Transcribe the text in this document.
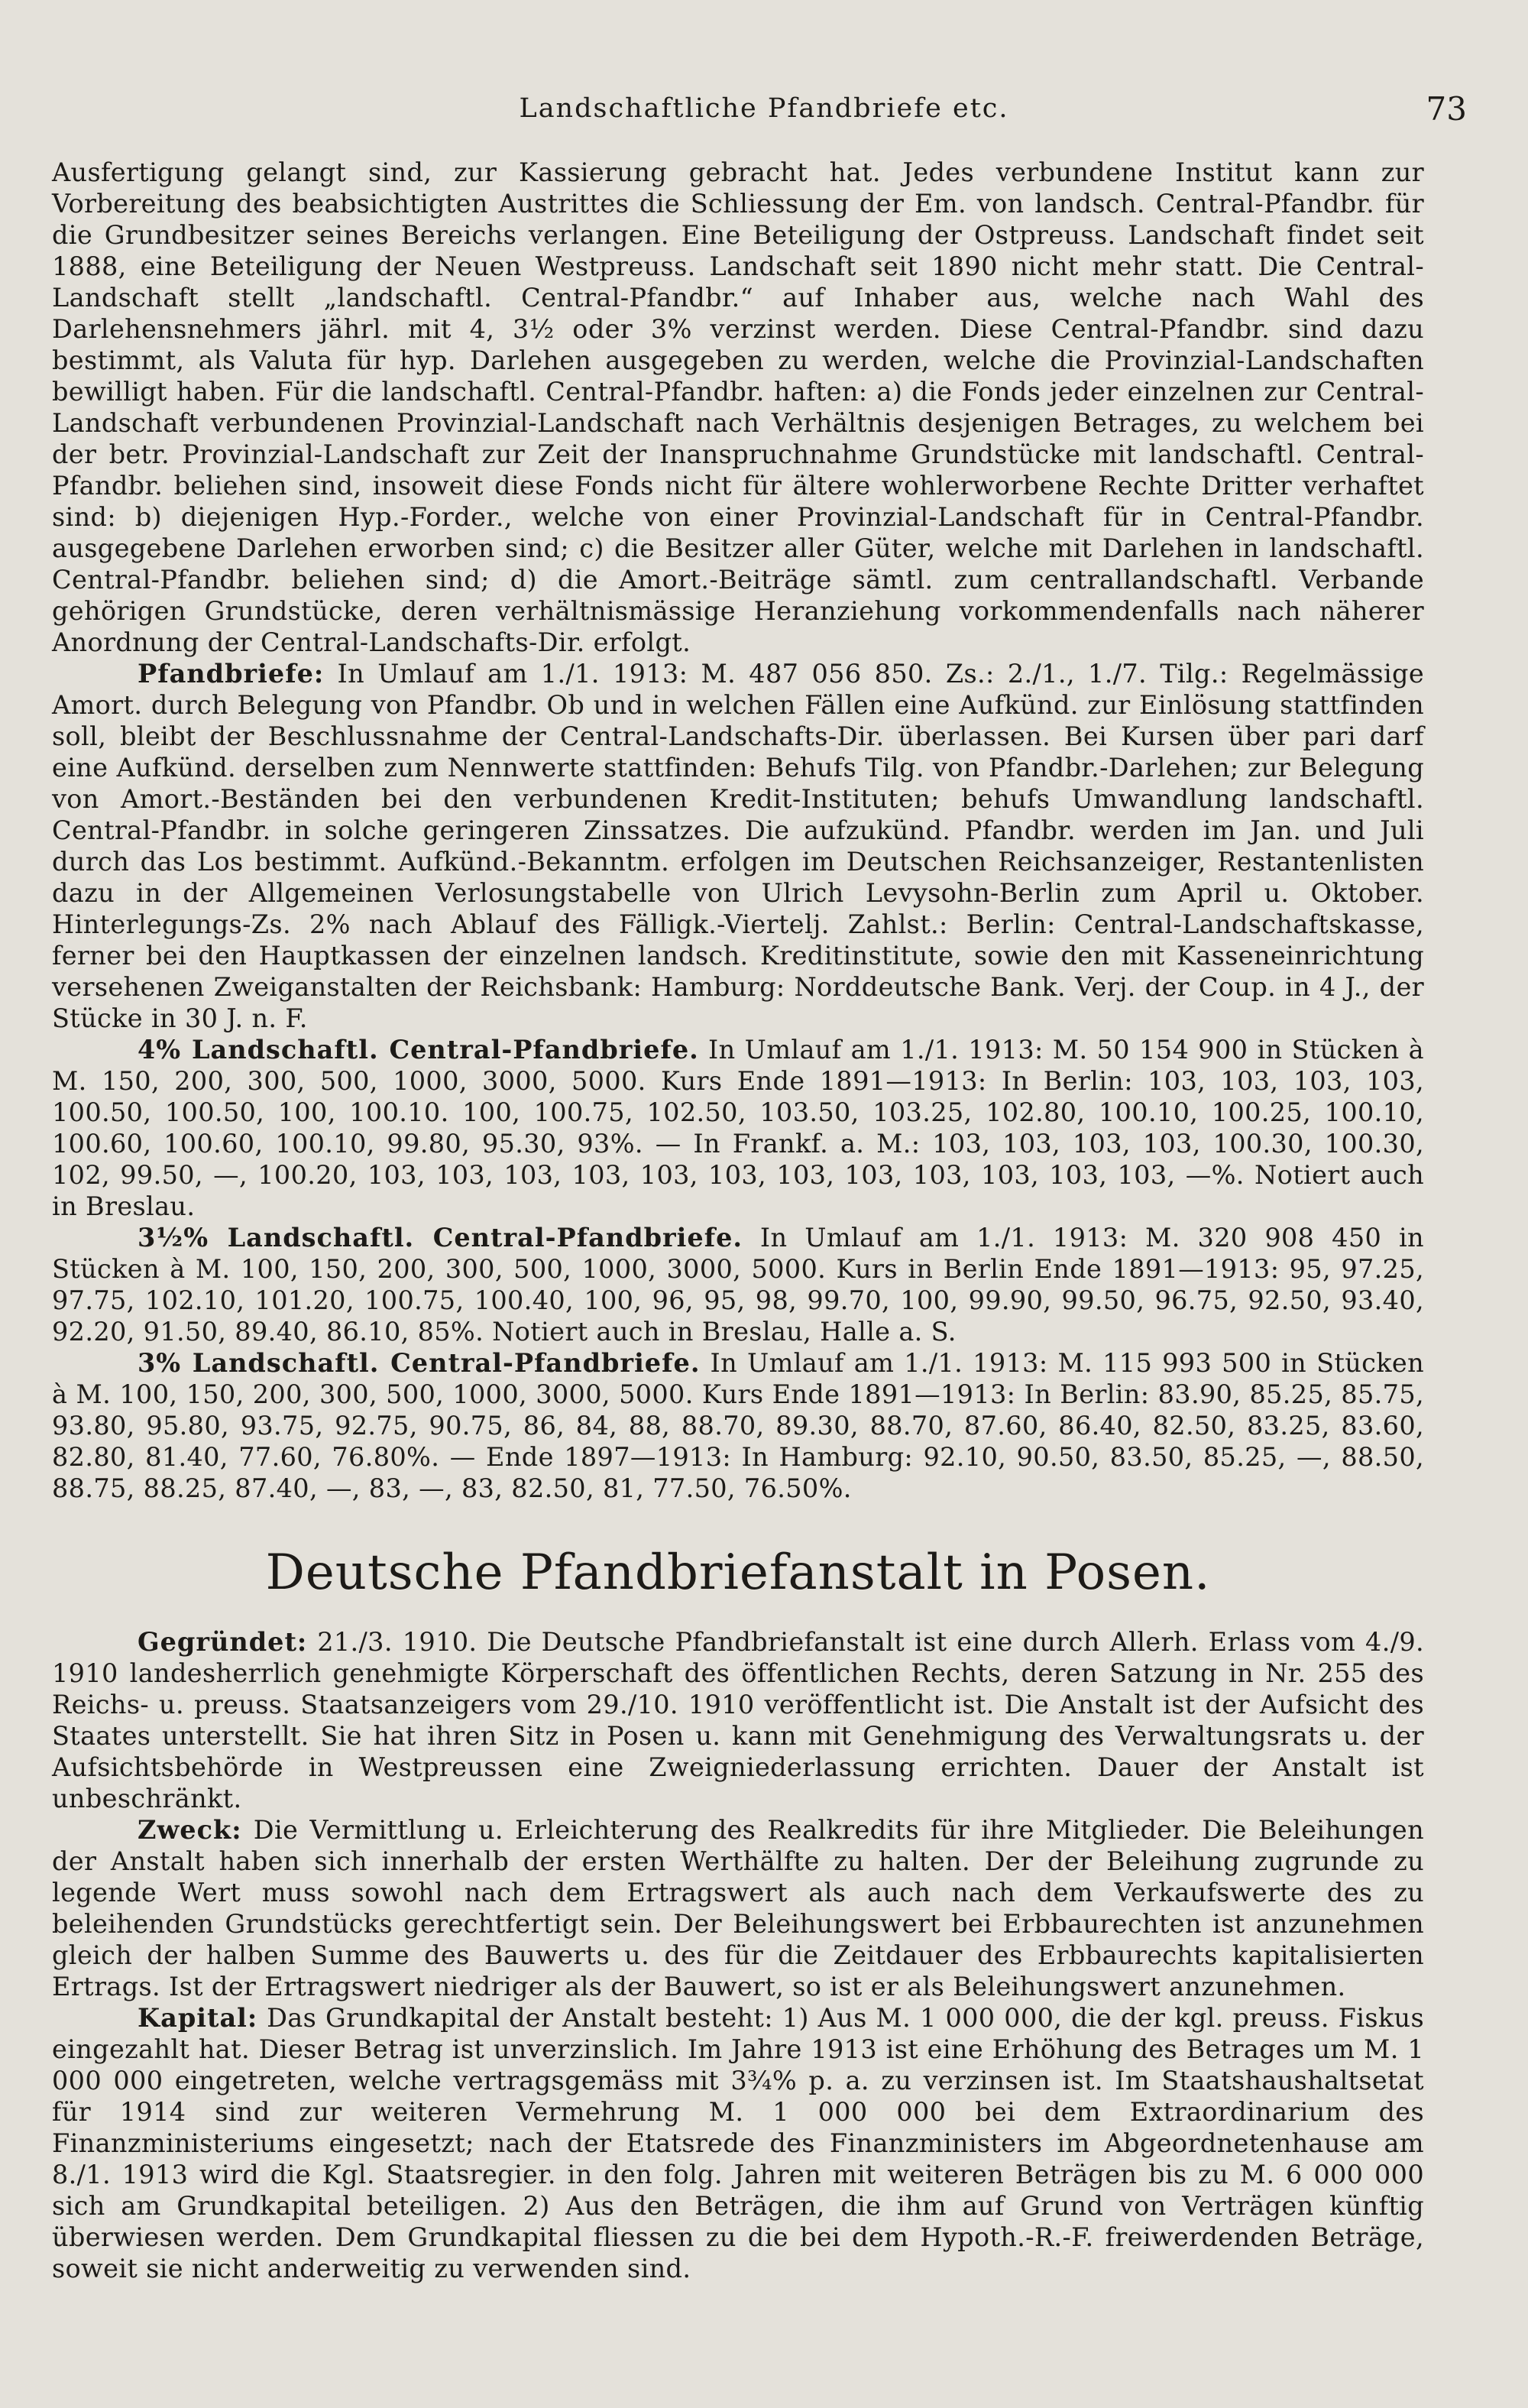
Landschaftliche Pfandbriefe etc.	73

Ausfertigung gelangt sind, zur Kassierung gebracht hat. Jedes verbundene Institut kann zur Vorbereitung des beabsichtigten Austrittes die Schliessung der Em. von landsch. Central-Pfandbr. für die Grundbesitzer seines Bereichs verlangen. Eine Beteiligung der Ostpreuss. Landschaft findet seit 1888, eine Beteiligung der Neuen Westpreuss. Landschaft seit 1890 nicht mehr statt. Die Central-Landschaft stellt „landschaftl. Central-Pfandbr.“ auf Inhaber aus, welche nach Wahl des Darlehensnehmers jährl. mit 4, 3½ oder 3% verzinst werden. Diese Central-Pfandbr. sind dazu bestimmt, als Valuta für hyp. Darlehen ausgegeben zu werden, welche die Provinzial-Landschaften bewilligt haben. Für die landschaftl. Central-Pfandbr. haften: a) die Fonds jeder einzelnen zur Central-Landschaft verbundenen Provinzial-Landschaft nach Verhältnis desjenigen Betrages, zu welchem bei der betr. Provinzial-Landschaft zur Zeit der Inanspruchnahme Grundstücke mit landschaftl. Central-Pfandbr. beliehen sind, insoweit diese Fonds nicht für ältere wohlerworbene Rechte Dritter verhaftet sind: b) diejenigen Hyp.-Forder., welche von einer Provinzial-Landschaft für in Central-Pfandbr. ausgegebene Darlehen erworben sind; c) die Besitzer aller Güter, welche mit Darlehen in landschaftl. Central-Pfandbr. beliehen sind; d) die Amort.-Beiträge sämtl. zum centrallandschaftl. Verbande gehörigen Grundstücke, deren verhältnismässige Heranziehung vorkommendenfalls nach näherer Anordnung der Central-Landschafts-Dir. erfolgt.

Pfandbriefe: In Umlauf am 1./1. 1913: M. 487 056 850. Zs.: 2./1., 1./7. Tilg.: Regelmässige Amort. durch Belegung von Pfandbr. Ob und in welchen Fällen eine Aufkünd. zur Einlösung stattfinden soll, bleibt der Beschlussnahme der Central-Landschafts-Dir. überlassen. Bei Kursen über pari darf eine Aufkünd. derselben zum Nennwerte stattfinden: Behufs Tilg. von Pfandbr.-Darlehen; zur Belegung von Amort.-Beständen bei den verbundenen Kredit-Instituten; behufs Umwandlung landschaftl. Central-Pfandbr. in solche geringeren Zinssatzes. Die aufzukünd. Pfandbr. werden im Jan. und Juli durch das Los bestimmt. Aufkünd.-Bekanntm. erfolgen im Deutschen Reichsanzeiger, Restantenlisten dazu in der Allgemeinen Verlosungstabelle von Ulrich Levysohn-Berlin zum April u. Oktober. Hinterlegungs-Zs. 2% nach Ablauf des Fälligk.-Viertelj. Zahlst.: Berlin: Central-Landschaftskasse, ferner bei den Hauptkassen der einzelnen landsch. Kreditinstitute, sowie den mit Kasseneinrichtung versehenen Zweiganstalten der Reichsbank: Hamburg: Norddeutsche Bank. Verj. der Coup. in 4 J., der Stücke in 30 J. n. F.

4% Landschaftl. Central-Pfandbriefe. In Umlauf am 1./1. 1913: M. 50 154 900 in Stücken à M. 150, 200, 300, 500, 1000, 3000, 5000. Kurs Ende 1891—1913: In Berlin: 103, 103, 103, 103, 100.50, 100.50, 100, 100.10. 100, 100.75, 102.50, 103.50, 103.25, 102.80, 100.10, 100.25, 100.10, 100.60, 100.60, 100.10, 99.80, 95.30, 93%. — In Frankf. a. M.: 103, 103, 103, 103, 100.30, 100.30, 102, 99.50, —, 100.20, 103, 103, 103, 103, 103, 103, 103, 103, 103, 103, 103, 103, —%. Notiert auch in Breslau.

3½% Landschaftl. Central-Pfandbriefe. In Umlauf am 1./1. 1913: M. 320 908 450 in Stücken à M. 100, 150, 200, 300, 500, 1000, 3000, 5000. Kurs in Berlin Ende 1891—1913: 95, 97.25, 97.75, 102.10, 101.20, 100.75, 100.40, 100, 96, 95, 98, 99.70, 100, 99.90, 99.50, 96.75, 92.50, 93.40, 92.20, 91.50, 89.40, 86.10, 85%. Notiert auch in Breslau, Halle a. S.

3% Landschaftl. Central-Pfandbriefe. In Umlauf am 1./1. 1913: M. 115 993 500 in Stücken à M. 100, 150, 200, 300, 500, 1000, 3000, 5000. Kurs Ende 1891—1913: In Berlin: 83.90, 85.25, 85.75, 93.80, 95.80, 93.75, 92.75, 90.75, 86, 84, 88, 88.70, 89.30, 88.70, 87.60, 86.40, 82.50, 83.25, 83.60, 82.80, 81.40, 77.60, 76.80%. — Ende 1897—1913: In Hamburg: 92.10, 90.50, 83.50, 85.25, —, 88.50, 88.75, 88.25, 87.40, —, 83, —, 83, 82.50, 81, 77.50, 76.50%.

Deutsche Pfandbriefanstalt in Posen.

Gegründet: 21./3. 1910. Die Deutsche Pfandbriefanstalt ist eine durch Allerh. Erlass vom 4./9. 1910 landesherrlich genehmigte Körperschaft des öffentlichen Rechts, deren Satzung in Nr. 255 des Reichs- u. preuss. Staatsanzeigers vom 29./10. 1910 veröffentlicht ist. Die Anstalt ist der Aufsicht des Staates unterstellt. Sie hat ihren Sitz in Posen u. kann mit Genehmigung des Verwaltungsrats u. der Aufsichtsbehörde in Westpreussen eine Zweigniederlassung errichten. Dauer der Anstalt ist unbeschränkt.

Zweck: Die Vermittlung u. Erleichterung des Realkredits für ihre Mitglieder. Die Beleihungen der Anstalt haben sich innerhalb der ersten Werthälfte zu halten. Der der Beleihung zugrunde zu legende Wert muss sowohl nach dem Ertragswert als auch nach dem Verkaufswerte des zu beleihenden Grundstücks gerechtfertigt sein. Der Beleihungswert bei Erbbaurechten ist anzunehmen gleich der halben Summe des Bauwerts u. des für die Zeitdauer des Erbbaurechts kapitalisierten Ertrags. Ist der Ertragswert niedriger als der Bauwert, so ist er als Beleihungswert anzunehmen.

Kapital: Das Grundkapital der Anstalt besteht: 1) Aus M. 1 000 000, die der kgl. preuss. Fiskus eingezahlt hat. Dieser Betrag ist unverzinslich. Im Jahre 1913 ist eine Erhöhung des Betrages um M. 1 000 000 eingetreten, welche vertragsgemäss mit 3¾% p. a. zu verzinsen ist. Im Staatshaushaltsetat für 1914 sind zur weiteren Vermehrung M. 1 000 000 bei dem Extraordinarium des Finanzministeriums eingesetzt; nach der Etatsrede des Finanzministers im Abgeordnetenhause am 8./1. 1913 wird die Kgl. Staatsregier. in den folg. Jahren mit weiteren Beträgen bis zu M. 6 000 000 sich am Grundkapital beteiligen. 2) Aus den Beträgen, die ihm auf Grund von Verträgen künftig überwiesen werden. Dem Grundkapital fliessen zu die bei dem Hypoth.-R.-F. freiwerdenden Beträge, soweit sie nicht anderweitig zu verwenden sind.
